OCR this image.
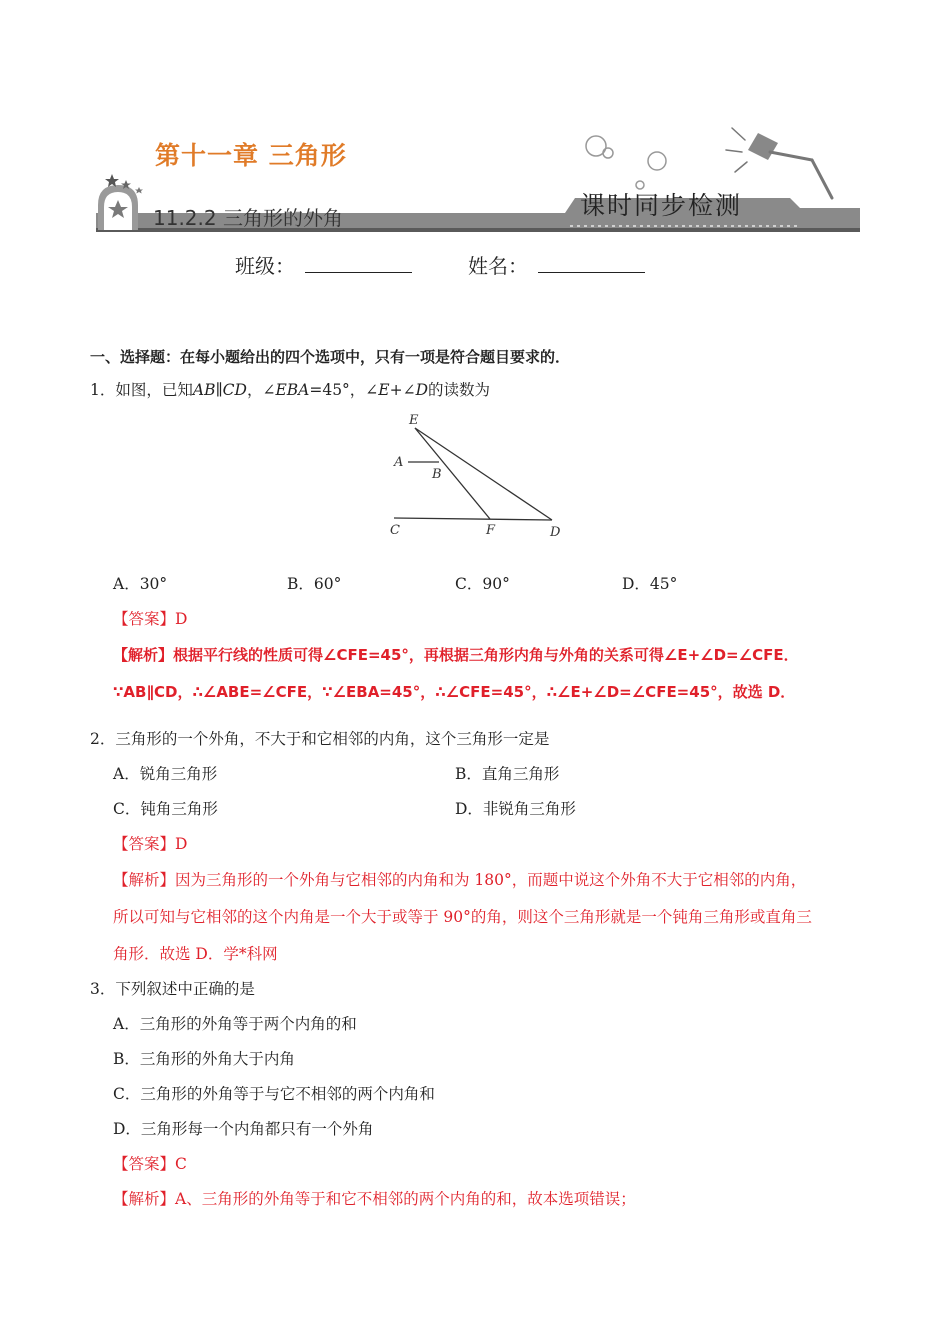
第十一章 三角形
11.2.2 三角形的外角	课时同步检测
班级：	姓名：
一、选择题：在每小题给出的四个选项中，只有一项是符合题目要求的．
1．如图，已知AB∥CD，∠EBA=45°，∠E+∠D的读数为
E
A
B
C	F	D
A．30°	B．60°	C．90°	D．45°
【答案】D
【解析】根据平行线的性质可得∠CFE=45°，再根据三角形内角与外角的关系可得∠E+∠D=∠CFE．
∵AB∥CD，∴∠ABE=∠CFE，∵∠EBA=45°，∴∠CFE=45°，∴∠E+∠D=∠CFE=45°，故选 D．
2．三角形的一个外角，不大于和它相邻的内角，这个三角形一定是
A．锐角三角形	B．直角三角形
C．钝角三角形	D．非锐角三角形
【答案】D
【解析】因为三角形的一个外角与它相邻的内角和为 180°，而题中说这个外角不大于它相邻的内角，
所以可知与它相邻的这个内角是一个大于或等于 90°的角，则这个三角形就是一个钝角三角形或直角三
角形．故选 D．学*科网
3．下列叙述中正确的是
A．三角形的外角等于两个内角的和
B．三角形的外角大于内角
C．三角形的外角等于与它不相邻的两个内角和
D．三角形每一个内角都只有一个外角
【答案】C
【解析】A、三角形的外角等于和它不相邻的两个内角的和，故本选项错误；
